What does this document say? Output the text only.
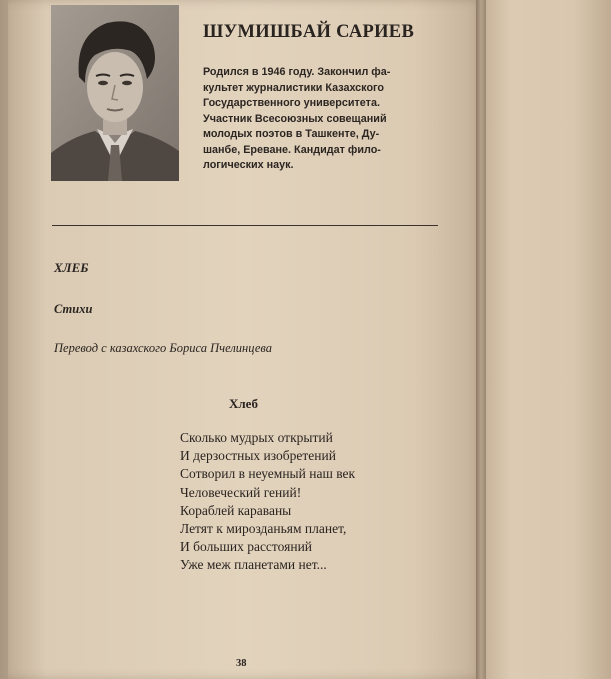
ШУМИШБАЙ САРИЕВ
Родился в 1946 году. Закончил фа-
культет журналистики Казахского
Государственного университета.
Участник Всесоюзных совещаний
молодых поэтов в Ташкенте, Ду-
шанбе, Ереване. Кандидат фило-
логических наук.
ХЛЕБ
Стихи
Перевод с казахского Бориса Пчелинцева
Хлеб
Сколько мудрых открытий
И дерзостных изобретений
Сотворил в неуемный наш век
Человеческий гений!
Кораблей караваны
Летят к мирозданьям планет,
И больших расстояний
Уже меж планетами нет...
38
